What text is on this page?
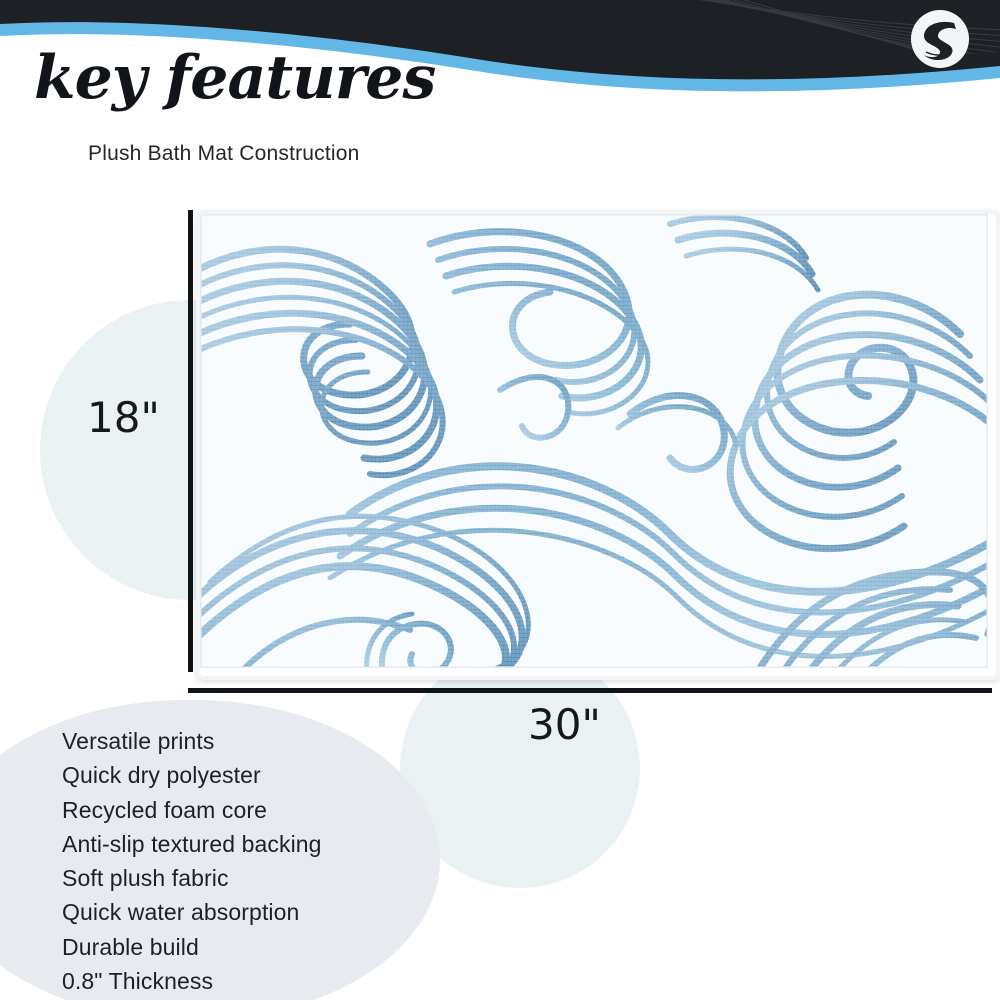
key features
Plush Bath Mat Construction
18"
30"
Versatile prints
Quick dry polyester
Recycled foam core
Anti-slip textured backing
Soft plush fabric
Quick water absorption
Durable build
0.8" Thickness
